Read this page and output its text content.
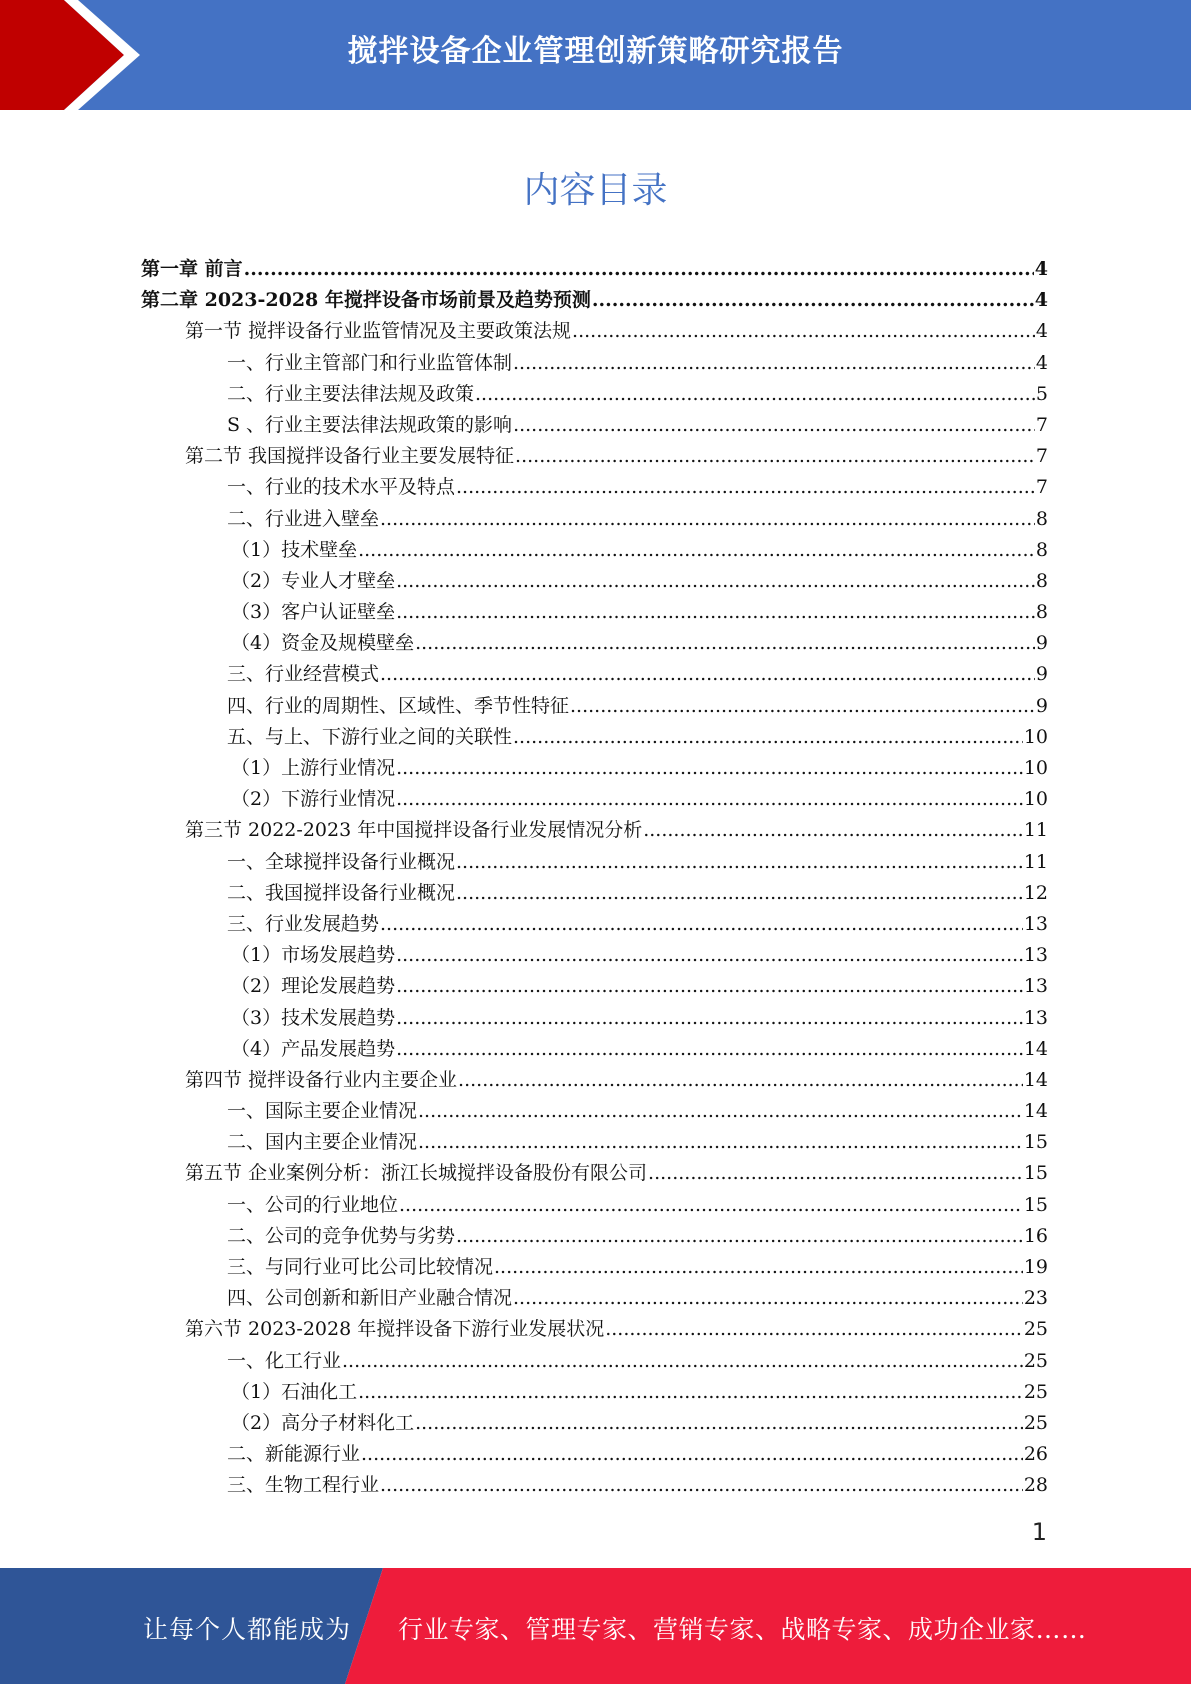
搅拌设备企业管理创新策略研究报告
内容目录
第一章 前言 .....	4
第二章 2023-2028 年搅拌设备市场前景及趋势预测 .....	4
第一节 搅拌设备行业监管情况及主要政策法规 .....	4
一、行业主管部门和行业监管体制 .....	4
二、行业主要法律法规及政策 .....	5
S 、行业主要法律法规政策的影响 .....	7
第二节 我国搅拌设备行业主要发展特征 .....	7
一、行业的技术水平及特点 .....	7
二、行业进入壁垒 .....	8
（1）技术壁垒 .....	8
（2）专业人才壁垒 .....	8
（3）客户认证壁垒 .....	8
（4）资金及规模壁垒 .....	9
三、行业经营模式 .....	9
四、行业的周期性、区域性、季节性特征 .....	9
五、与上、下游行业之间的关联性 .....	10
（1）上游行业情况 .....	10
（2）下游行业情况 .....	10
第三节 2022-2023 年中国搅拌设备行业发展情况分析 .....	11
一、全球搅拌设备行业概况 .....	11
二、我国搅拌设备行业概况 .....	12
三、行业发展趋势 .....	13
（1）市场发展趋势 .....	13
（2）理论发展趋势 .....	13
（3）技术发展趋势 .....	13
（4）产品发展趋势 .....	14
第四节 搅拌设备行业内主要企业 .....	14
一、国际主要企业情况 .....	14
二、国内主要企业情况 .....	15
第五节 企业案例分析：浙江长城搅拌设备股份有限公司 .....	15
一、公司的行业地位 .....	15
二、公司的竞争优势与劣势 .....	16
三、与同行业可比公司比较情况 .....	19
四、公司创新和新旧产业融合情况 .....	23
第六节 2023-2028 年搅拌设备下游行业发展状况 .....	25
一、化工行业 .....	25
（1）石油化工 .....	25
（2）高分子材料化工 .....	25
二、新能源行业 .....	26
三、生物工程行业 .....	28
1
让每个人都能成为 行业专家、管理专家、营销专家、战略专家、成功企业家……
